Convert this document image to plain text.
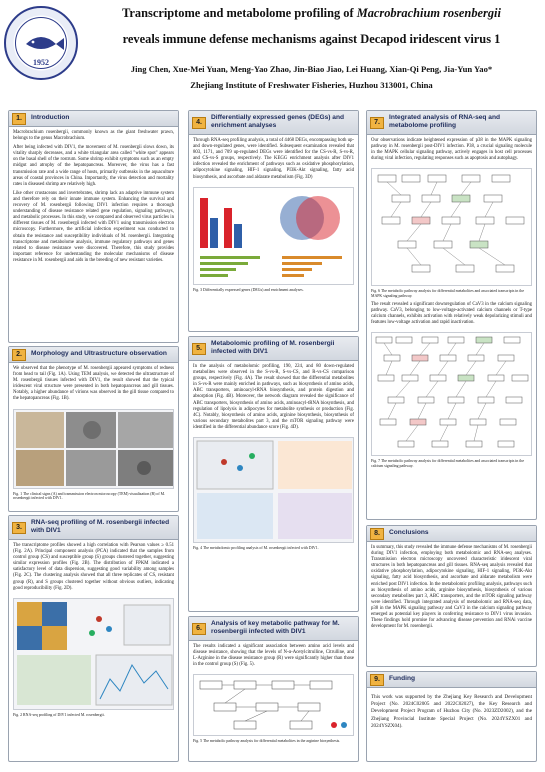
1952
Transcriptome and metabolome profiling of Macrobrachium rosenbergii
reveals immune defense mechanisms against Decapod iridescent virus 1
Jing Chen, Xue-Mei Yuan, Meng-Yao Zhao, Jin-Biao Jiao, Lei Huang, Xian-Qi Peng, Jia-Yun Yao*
Zhejiang Institute of Freshwater Fisheries, Huzhou 313001, China
1.	Introduction

Macrobrachium rosenbergii, commonly known as the giant freshwater prawn, belongs to the genus Macrobrachium.

After being infected with DIV1, the movement of M. rosenbergii slows down, its vitality sharply decreases, and a white triangular area called "white spot" appears on the basal shell of the rostrum. Some shrimp exhibit symptoms such as an empty midgut and atrophy of the hepatopancreas. Moreover, the virus has a fast transmission rate and a wide range of hosts, primarily outbreaks in the aquaculture areas of coastal provinces in China. Importantly, the virus detection and mortality rates in diseased shrimp are relatively high.

Like other crustaceans and invertebrates, shrimp lack an adaptive immune system and therefore rely on their innate immune system. Enhancing the survival and recovery of M. rosenbergii following DIV1 infection requires a thorough understanding of disease resistance related gene regulation, signaling pathways, and metabolic processes. In this study, we compared and observed virus particles in different tissues of M. rosenbergii infected with DIV1 using transmission electron microscopy. Furthermore, the artificial infection experiment was conducted to obtain the resistance and susceptibility individuals of M. rosenbergii. Integrating transcriptome and metabolome analysis, immune regulatory pathways and genes related to disease resistance were discovered. Therefore, this study provides important reference for understanding the molecular mechanisms of disease resistance in M. rosenbergii and aids in the breeding of new resistant varieties.

2.	Morphology and Ultrastructure observation
We observed that the phenotype of M. rosenbergii appeared symptoms of redness from head to tail (Fig. 1A). Using TEM analysis, we detected the ultrastructure of M. rosenbergii tissues infected with DIV1, the result showed that the typical iridescent viral structure were presented in both hepatopancreas and gill tissues. Notably, a higher abundance of virions was observed in the gill tissue compared to the hepatopancreas (Fig. 1B).
Fig. 1 The clinical signs (A) and transmission electron microscopy (TEM) visualization (B) of M. rosenbergii infected with DIV1.
3.
RNA-seq profiling of M. rosenbergii infected with DIV1
The transcriptome profiles showed a high correlation with Pearson values ≥ 0.51 (Fig. 2A). Principal component analysis (PCA) indicated that the samples from control group (CS) and susceptible group (S) groups clustered together, suggesting similar expression profiles (Fig. 2B). The distribution of FPKM indicated a satisfactory level of data dispersion, suggesting good variability among samples (Fig. 2C). The clustering analysis showed that all three replicates of CS, resistant group (R), and S groups clustered together without obvious outliers, indicating good reproducibility (Fig. 2D).
Fig. 2 RNA-seq profiling of DIV1 infected M. rosenbergii.
4.
Differentially expressed genes (DEGs) and enrichment analyses
Through RNA-seq profiling analysis, a total of 4468 DEGs, encompassing both up- and down-regulated genes, were identified. Subsequent examination revealed that 803, 1171, and 709 up-regulated DEGs were identified for the CS-vs-R, S-vs-R, and CS-vs-S groups, respectively. The KEGG enrichment analysis after DIV1 infection revealed the enrichment of pathways such as oxidative phosphorylation, adipocytokine signaling, HIF-1 signaling, PI3K-Akt signaling, fatty acid biosynthesis, and ascorbate and aldarate metabolism (Fig. 3D)
Fig. 3 Differentially expressed genes (DEGs) and enrichment analyses.
5.
Metabolomic profiling of M. rosenbergii infected with DIV1
In the analysis of metabolomic profiling, 190, 224, and 80 down-regulated metabolites were observed in the S-vs-R, S-vs-CS, and R-vs-CS comparison groups, respectively (Fig. 4A). The result showed that the differential metabolites in S-vs-R were mainly enriched in pathways, such as biosynthesis of amino acids, ABC transporters, aminoacyl-tRNA biosynthesis, and protein digestion and absorption (Fig. 4B). Moreover, the network diagram revealed the significance of ABC transporters, biosynthesis of amino acids, aminoacyl-tRNA biosynthesis, and regulation of lipolysis in adipocytes for metabolite synthesis or production (Fig. 4C). Notably, biosynthesis of amino acids, arginine biosynthesis, biosynthesis of various secondary metabolites part 3, and the mTOR signaling pathway were identified in the differential abundance score (Fig. 4D).
Fig. 4 The metabolomic profiling analysis of M. rosenbergii infected with DIV1.
6.
Analysis of key metabolic pathway for M. rosenbergii infected with DIV1
The results indicated a significant association between amino acid levels and disease resistance, showing that the levels of N-α-Acetylcitrulline, Citrulline, and L-Arginine in the disease resistance group (R) were significantly higher than those in the control group (S) (Fig. 5).
Fig. 5 The metabolic pathway analysis for differential metabolites in the arginine biosynthesis.
7.
Integrated analysis of RNA-seq and metabolome profiling
Our observations indicate heightened expression of p38 in the MAPK signaling pathway in M. rosenbergii post-DIV1 infection. P38, a crucial signaling molecule in the MAPK cellular signaling pathway, actively engages in host cell processes during viral infection, regulating responses such as apoptosis and autophagy.
Fig. 6 The metabolic pathway analysis for differential metabolites and associated transcripts in the MAPK signaling pathway.
The result revealed a significant downregulation of CaV3 in the calcium signaling pathway. CaV3, belonging to low-voltage-activated calcium channels or T-type calcium channels, exhibits activation with relatively weak depolarizing stimuli and features low-voltage activation and rapid inactivation.
Fig. 7 The metabolic pathway analysis for differential metabolites and associated transcripts in the calcium signaling pathway.
8.	Conclusions
In summary, this study revealed the immune defense mechanisms of M. rosenbergii during DIV1 infection, employing both metabolomic and RNA-seq analyses. Transmission electron microscopy uncovered characteristic iridescent viral structures in both hepatopancreas and gill tissues. RNA-seq analysis revealed that oxidative phosphorylation, adipocytokine signaling, HIF-1 signaling, PI3K-Akt signaling, fatty acid biosynthesis, and ascorbate and aldarate metabolism were enriched post DIV1 infection. In the metabolomic profiling analysis, pathways such as biosynthesis of amino acids, arginine biosynthesis, biosynthesis of various secondary metabolites part 3, ABC transporters, and the mTOR signaling pathway were identified. Through integrated analysis of metabolomic and RNA-seq data, p38 in the MAPK signaling pathway and CaV3 in the calcium signaling pathway emerged as potential key players in conferring resistance to DIV1 virus invasion. These findings hold promise for advancing disease prevention and RNAi vaccine development for M. rosenbergii.
9.	Funding
This work was supported by the Zhejiang Key Research and Development Project (No. 2024C02005 and 2022C02027), the Key Research and Development Project Program of Huzhou City (No. 2023ZD2002), and the Zhejiang Provincial Institute Special Project (No. 2024YSZX01 and 2024YSZX04).
